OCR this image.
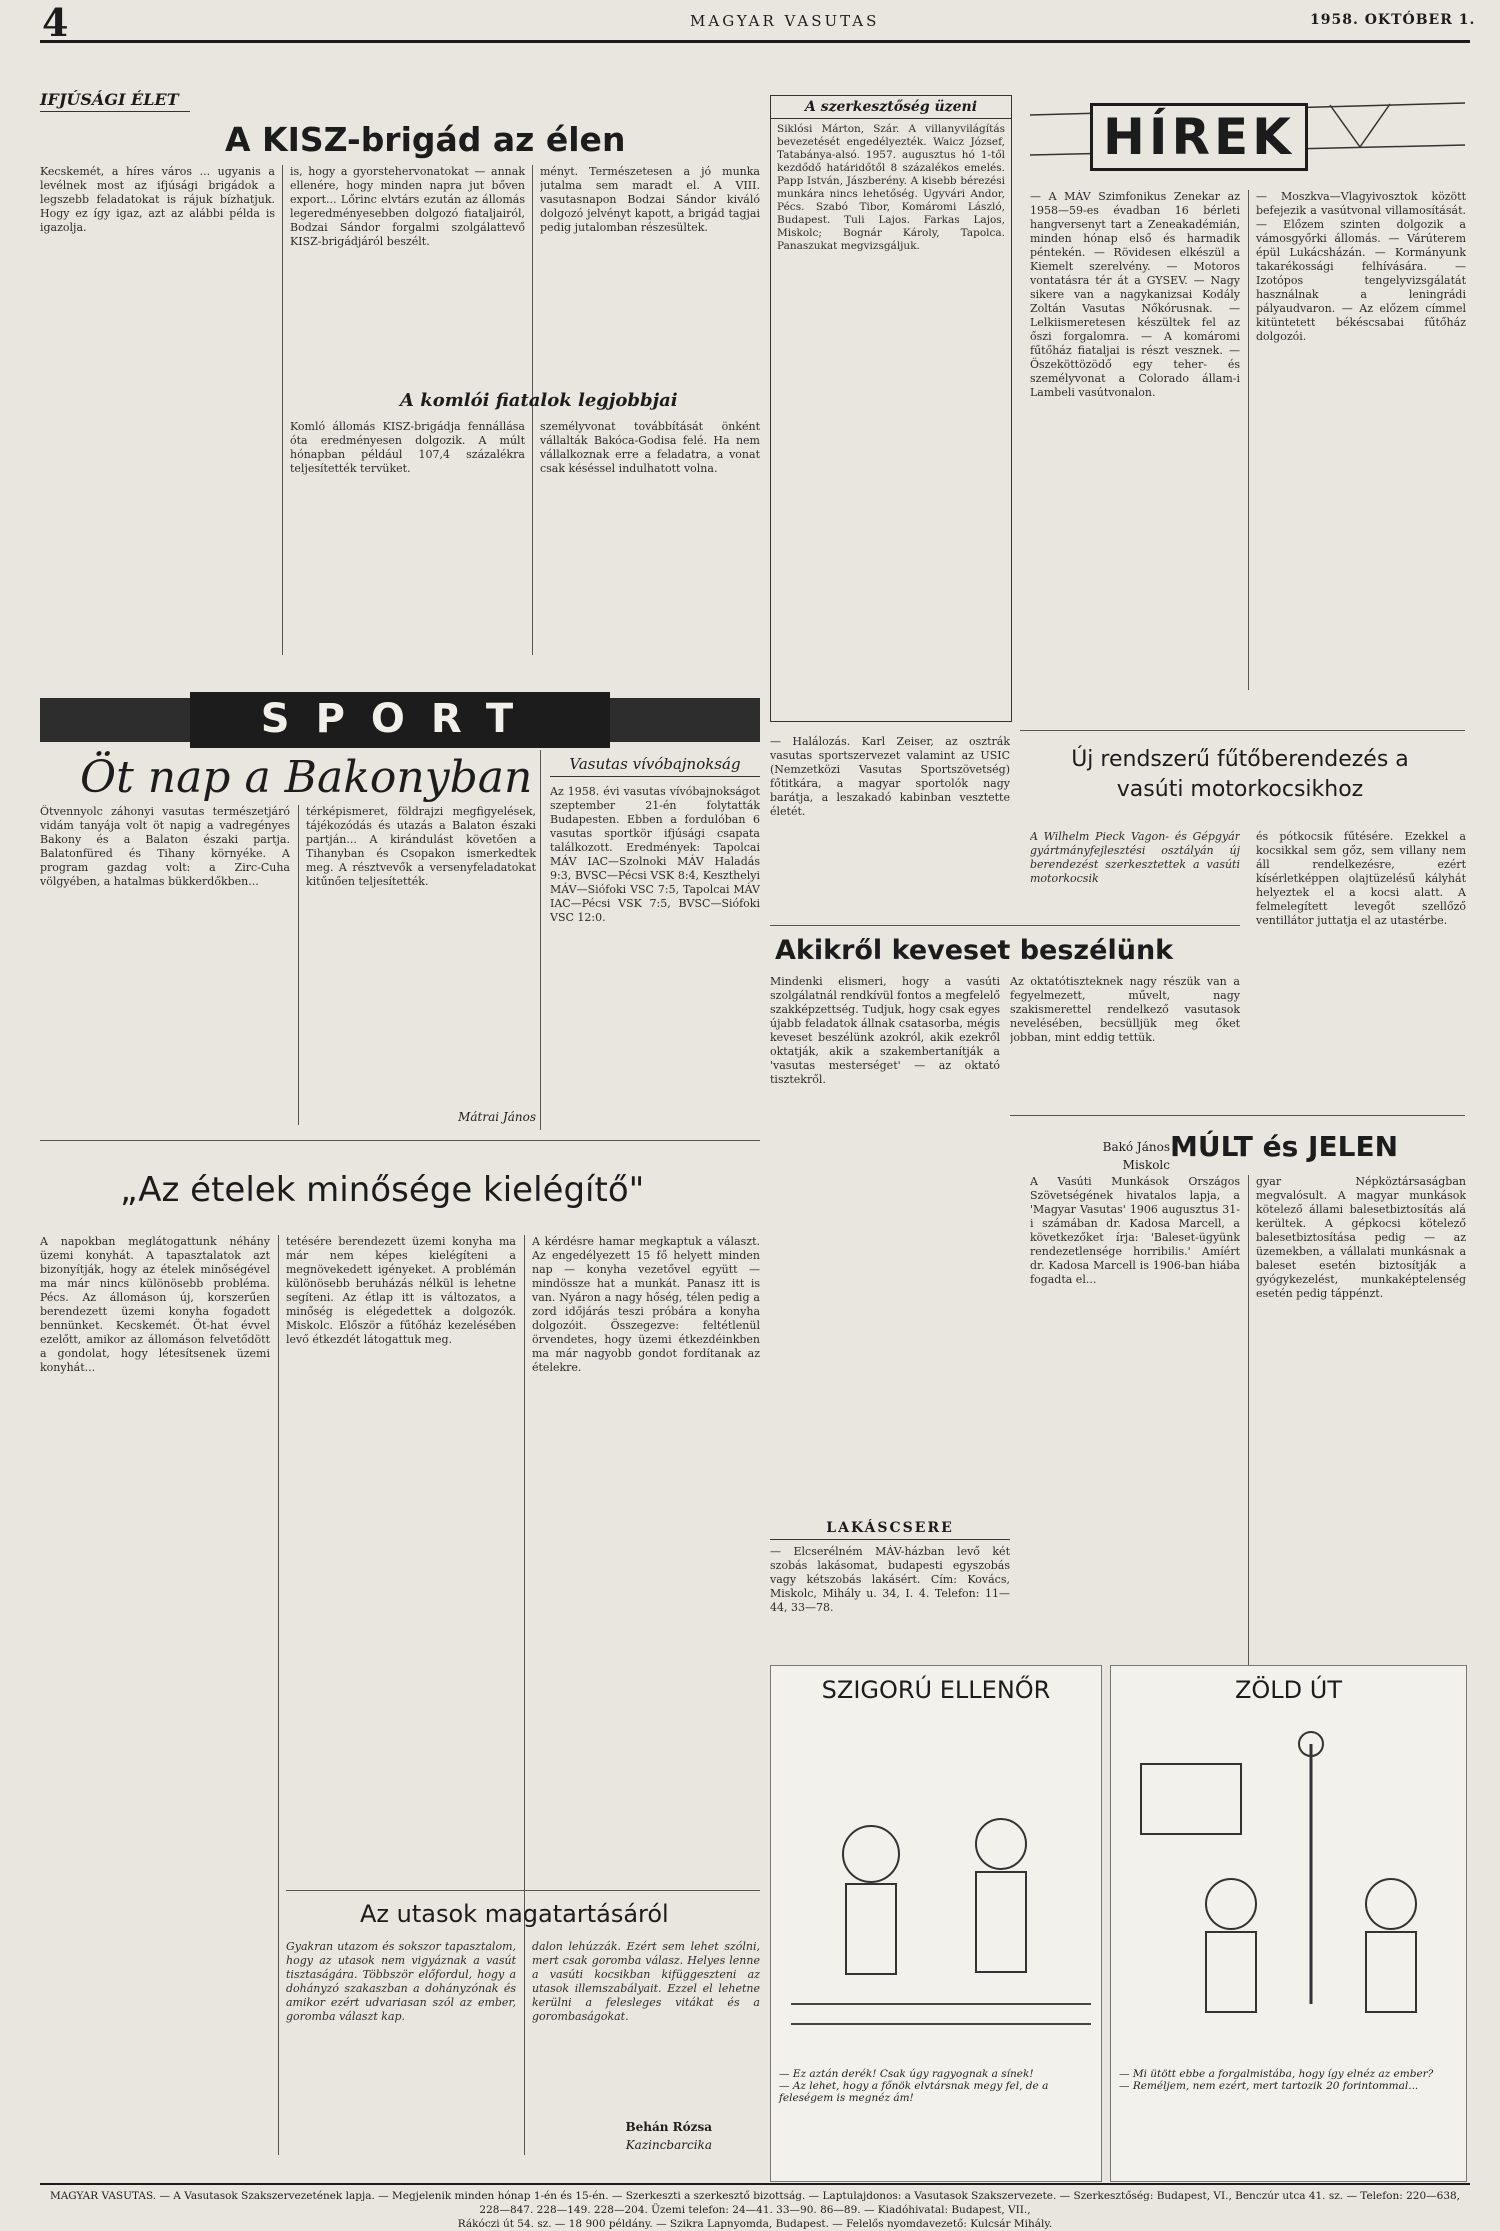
4	MAGYAR VASUTAS	1958. OKTÓBER 1.
IFJÚSÁGI ÉLET
A KISZ-brigád az élen
Kecskemét, a híres város ... ugyanis a levélnek most az ifjúsági brigádok a legszebb feladatokat is rájuk bízhatjuk. Hogy ez így igaz, azt az alábbi példa is igazolja.
is, hogy a gyorstehervonatokat — annak ellenére, hogy minden napra jut bőven export... Lőrinc elvtárs ezután az állomás legeredményesebben dolgozó fiataljairól, Bodzai Sándor forgalmi szolgálattevő KISZ-brigádjáról beszélt.
ményt. Természetesen a jó munka jutalma sem maradt el. A VIII. vasutasnapon Bodzai Sándor kiváló dolgozó jelvényt kapott, a brigád tagjai pedig jutalomban részesültek.
A komlói fiatalok legjobbjai
Komló állomás KISZ-brigádja fennállása óta eredményesen dolgozik. A múlt hónapban például 107,4 százalékra teljesítették tervüket.
személyvonat továbbítását önként vállalták Bakóca-Godisa felé. Ha nem vállalkoznak erre a feladatra, a vonat csak késéssel indulhatott volna.
A szerkesztőség üzeni
Siklósi Márton, Szár. A villanyvilágítás bevezetését engedélyezték. Waicz József, Tatabánya-alsó. 1957. augusztus hó 1-től kezdődő határidőtől 8 százalékos emelés. Papp István, Jászberény. A kisebb bérezési munkára nincs lehetőség. Ugyvári Andor, Pécs. Szabó Tibor, Komáromi László, Budapest. Tuli Lajos. Farkas Lajos, Miskolc; Bognár Károly, Tapolca. Panaszukat megvizsgáljuk.
HÍREK
— A MÁV Szimfonikus Zenekar az 1958—59-es évadban 16 bérleti hangversenyt tart a Zeneakadémián, minden hónap első és harmadik péntekén. — Rövidesen elkészül a Kiemelt szerelvény. — Motoros vontatásra tér át a GYSEV. — Nagy sikere van a nagykanizsai Kodály Zoltán Vasutas Nőkórusnak. — Lelkiismeretesen készültek fel az őszi forgalomra. — A komáromi fűtőház fiataljai is részt vesznek. — Öszeköttözödő egy teher- és személyvonat a Colorado állam-i Lambeli vasútvonalon.
— Moszkva—Vlagyivosztok között befejezik a vasútvonal villamosítását. — Előzem szinten dolgozik a vámosgyőrki állomás. — Várúterem épül Lukácsházán. — Kormányunk takarékossági felhívására. — Izotópos tengelyvizsgálatát használnak a leningrádi pályaudvaron. — Az előzem címmel kitüntetett békéscsabai fűtőház dolgozói.
SPORT
Öt nap a Bakonyban
Ötvennyolc záhonyi vasutas természetjáró vidám tanyája volt öt napig a vadregényes Bakony és a Balaton északi partja. Balatonfüred és Tihany környéke. A program gazdag volt: a Zirc-Cuha völgyében, a hatalmas bükkerdőkben...
térképismeret, földrajzi megfigyelések, tájékozódás és utazás a Balaton északi partján... A kirándulást követően a Tihanyban és Csopakon ismerkedtek meg. A résztvevők a versenyfeladatokat kitűnően teljesítették.
Mátrai János
Vasutas vívóbajnokság
Az 1958. évi vasutas vívóbajnokságot szeptember 21-én folytatták Budapesten. Ebben a fordulóban 6 vasutas sportkör ifjúsági csapata találkozott. Eredmények: Tapolcai MÁV IAC—Szolnoki MÁV Haladás 9:3, BVSC—Pécsi VSK 8:4, Keszthelyi MÁV—Siófoki VSC 7:5, Tapolcai MÁV IAC—Pécsi VSK 7:5, BVSC—Siófoki VSC 12:0.
— Halálozás. Karl Zeiser, az osztrák vasutas sportszervezet valamint az USIC (Nemzetközi Vasutas Sportszövetség) főtitkára, a magyar sportolók nagy barátja, a leszakadó kabinban vesztette életét.
Új rendszerű fűtőberendezés a vasúti motorkocsikhoz
A Wilhelm Pieck Vagon- és Gépgyár gyártmányfejlesztési osztályán új berendezést szerkesztettek a vasúti motorkocsik
és pótkocsik fűtésére. Ezekkel a kocsikkal sem gőz, sem villany nem áll rendelkezésre, ezért kísérletképpen olajtüzelésű kályhát helyeztek el a kocsi alatt. A felmelegített levegőt szellőző ventillátor juttatja el az utastérbe.
Akikről keveset beszélünk
Mindenki elismeri, hogy a vasúti szolgálatnál rendkívül fontos a megfelelő szakképzettség. Tudjuk, hogy csak egyes újabb feladatok állnak csatasorba, mégis keveset beszélünk azokról, akik ezekről oktatják, akik a szakembertanítják a 'vasutas mesterséget' — az oktató tisztekről.
Az oktatótiszteknek nagy részük van a fegyelmezett, művelt, nagy szakismerettel rendelkező vasutasok nevelésében, becsülljük meg őket jobban, mint eddig tettük.
Bakó János
Miskolc
MÚLT és JELEN
A Vasúti Munkások Országos Szövetségének hivatalos lapja, a 'Magyar Vasutas' 1906 augusztus 31-i számában dr. Kadosa Marcell, a következőket írja: 'Baleset-ügyünk rendezetlensége horribilis.' Amíért dr. Kadosa Marcell is 1906-ban hiába fogadta el...
gyar Népköztársaságban megvalósult. A magyar munkások kötelező állami balesetbiztosítás alá kerültek. A gépkocsi kötelező balesetbiztosítása pedig — az üzemekben, a vállalati munkásnak a baleset esetén biztosítják a gyógykezelést, munkaképtelenség esetén pedig táppénzt.
„Az ételek minősége kielégítő"
A napokban meglátogattunk néhány üzemi konyhát. A tapasztalatok azt bizonyítják, hogy az ételek minőségével ma már nincs különösebb probléma. Pécs. Az állomáson új, korszerűen berendezett üzemi konyha fogadott bennünket. Kecskemét. Öt-hat évvel ezelőtt, amikor az állomáson felvetődött a gondolat, hogy létesítsenek üzemi konyhát...
tetésére berendezett üzemi konyha ma már nem képes kielégíteni a megnövekedett igényeket. A problémán különösebb beruházás nélkül is lehetne segíteni. Az étlap itt is változatos, a minőség is elégedettek a dolgozók. Miskolc. Először a fűtőház kezelésében levő étkezdét látogattuk meg.
A kérdésre hamar megkaptuk a választ. Az engedélyezett 15 fő helyett minden nap — konyha vezetővel együtt — mindössze hat a munkát. Panasz itt is van. Nyáron a nagy hőség, télen pedig a zord időjárás teszi próbára a konyha dolgozóit. Összegezve: feltétlenül örvendetes, hogy üzemi étkezdéinkben ma már nagyobb gondot fordítanak az ételekre.
LAKÁSCSERE
— Elcserélném MÁV-házban levő két szobás lakásomat, budapesti egyszobás vagy kétszobás lakásért. Cím: Kovács, Miskolc, Mihály u. 34, I. 4. Telefon: 11—44, 33—78.
Az utasok magatartásáról
Gyakran utazom és sokszor tapasztalom, hogy az utasok nem vigyáznak a vasút tisztaságára. Többször előfordul, hogy a dohányzó szakaszban a dohányzónak és amikor ezért udvariasan szól az ember, goromba választ kap.
dalon lehúzzák. Ezért sem lehet szólni, mert csak goromba válasz. Helyes lenne a vasúti kocsikban kifüggeszteni az utasok illemszabályait. Ezzel el lehetne kerülni a felesleges vitákat és a gorombaságokat.
Behán Rózsa
Kazincbarcika
SZIGORÚ ELLENŐR
— Ez aztán derék! Csak úgy ragyognak a sínek!
— Az lehet, hogy a főnök elvtársnak megy fel, de a feleségem is megnéz ám!
ZÖLD ÚT
— Mi ütött ebbe a forgalmistába, hogy így elnéz az ember?
— Reméljem, nem ezért, mert tartozik 20 forintommal...
MAGYAR VASUTAS. — A Vasutasok Szakszervezetének lapja. — Megjelenik minden hónap 1-én és 15-én. — Szerkeszti a szerkesztő bizottság. — Laptulajdonos: a Vasutasok Szakszervezete. — Szerkesztőség: Budapest, VI., Benczúr utca 41. sz. — Telefon: 220—638, 228—847. 228—149. 228—204. Üzemi telefon: 24—41. 33—90. 86—89. — Kiadóhivatal: Budapest, VII.,
Rákóczi út 54. sz. — 18 900 példány. — Szikra Lapnyomda, Budapest. — Felelős nyomdavezető: Kulcsár Mihály.
